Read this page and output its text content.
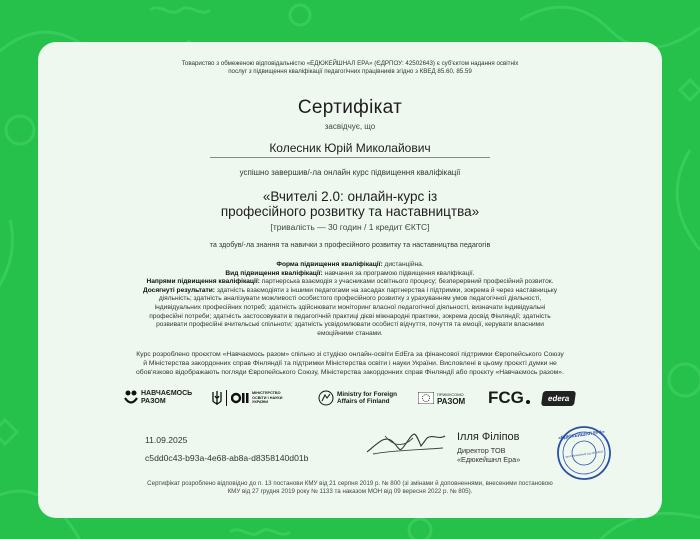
Товариство з обмеженою відповідальністю «ЕДЮКЕЙШНАЛ ЕРА» (ЄДРПОУ: 42502643) є суб'єктом надання освітніх
послуг з підвищення кваліфікації педагогічних працівників згідно з КВЕД 85.60, 85.59
Сертифікат
засвідчує, що
Колесник Юрій Миколайович
успішно завершив/-ла онлайн курс підвищення кваліфікації
«Вчителі 2.0: онлайн-курс із
професійного розвитку та наставництва»
[тривалість — 30 годин / 1 кредит ЄКТС]
та здобув/-ла знання та навички з професійного розвитку та наставництва педагогів
Форма підвищення кваліфікації: дистанційна.
Вид підвищення кваліфікації: навчання за програмою підвищення кваліфікації.
Напрями підвищення кваліфікації: партнерська взаємодія з учасниками освітнього процесу; безперервний професійний розвиток.
Досягнуті результати: здатність взаємодіяти з іншими педагогами на засадах партнерства і підтримки, зокрема й через наставницьку
діяльність; здатність аналізувати можливості особистого професійного розвитку з урахуванням умов педагогічної діяльності,
індивідуальних професійних потреб; здатність здійснювати моніторинг власної педагогічної діяльності, визначати індивідуальні
професійні потреби; здатність застосовувати в педагогічній практиці дієві міжнародні практики, зокрема досвід Фінляндії; здатність
розвивати професійні вчительські спільноти; здатність усвідомлювати особисті відчуття, почуття та емоції, керувати власними
емоційними станами.
Курс розроблено проєктом «Навчаємось разом» спільно зі студією онлайн-освіти EdEra за фінансової підтримки Європейського Союзу
й Міністерства закордонних справ Фінляндії та підтримки Міністерства освіти і науки України. Висловлені в цьому проєкті думки не
обов'язково відображають погляди Європейського Союзу, Міністерства закордонних справ Фінляндії або проєкту «Навчаємось разом».
НАВЧАЄМОСЬ
РАЗОМ
МІНІСТЕРСТВО
ОСВІТИ І НАУКИ
УКРАЇНИ
Ministry for Foreign
Affairs of Finland
ПРИМУСОМО
РАЗОМ FCG	edera
11.09.2025
c5dd0c43-b93a-4e68-ab8a-d8358140d01b
Ілля Філіпов
Директор ТОВ
«Едюкейшнл Ера»
«ЕДЮКЕЙШНЛ ЕРА»
Ідентифікаційний код 42502643
Сертифікат розроблено відповідно до п. 13 постанови КМУ від 21 серпня 2019 р. № 800 (зі змінами й доповненнями, внесеними постановою
КМУ від 27 грудня 2019 року № 1133 та наказом МОН від 09 вересня 2022 р. № 805).
